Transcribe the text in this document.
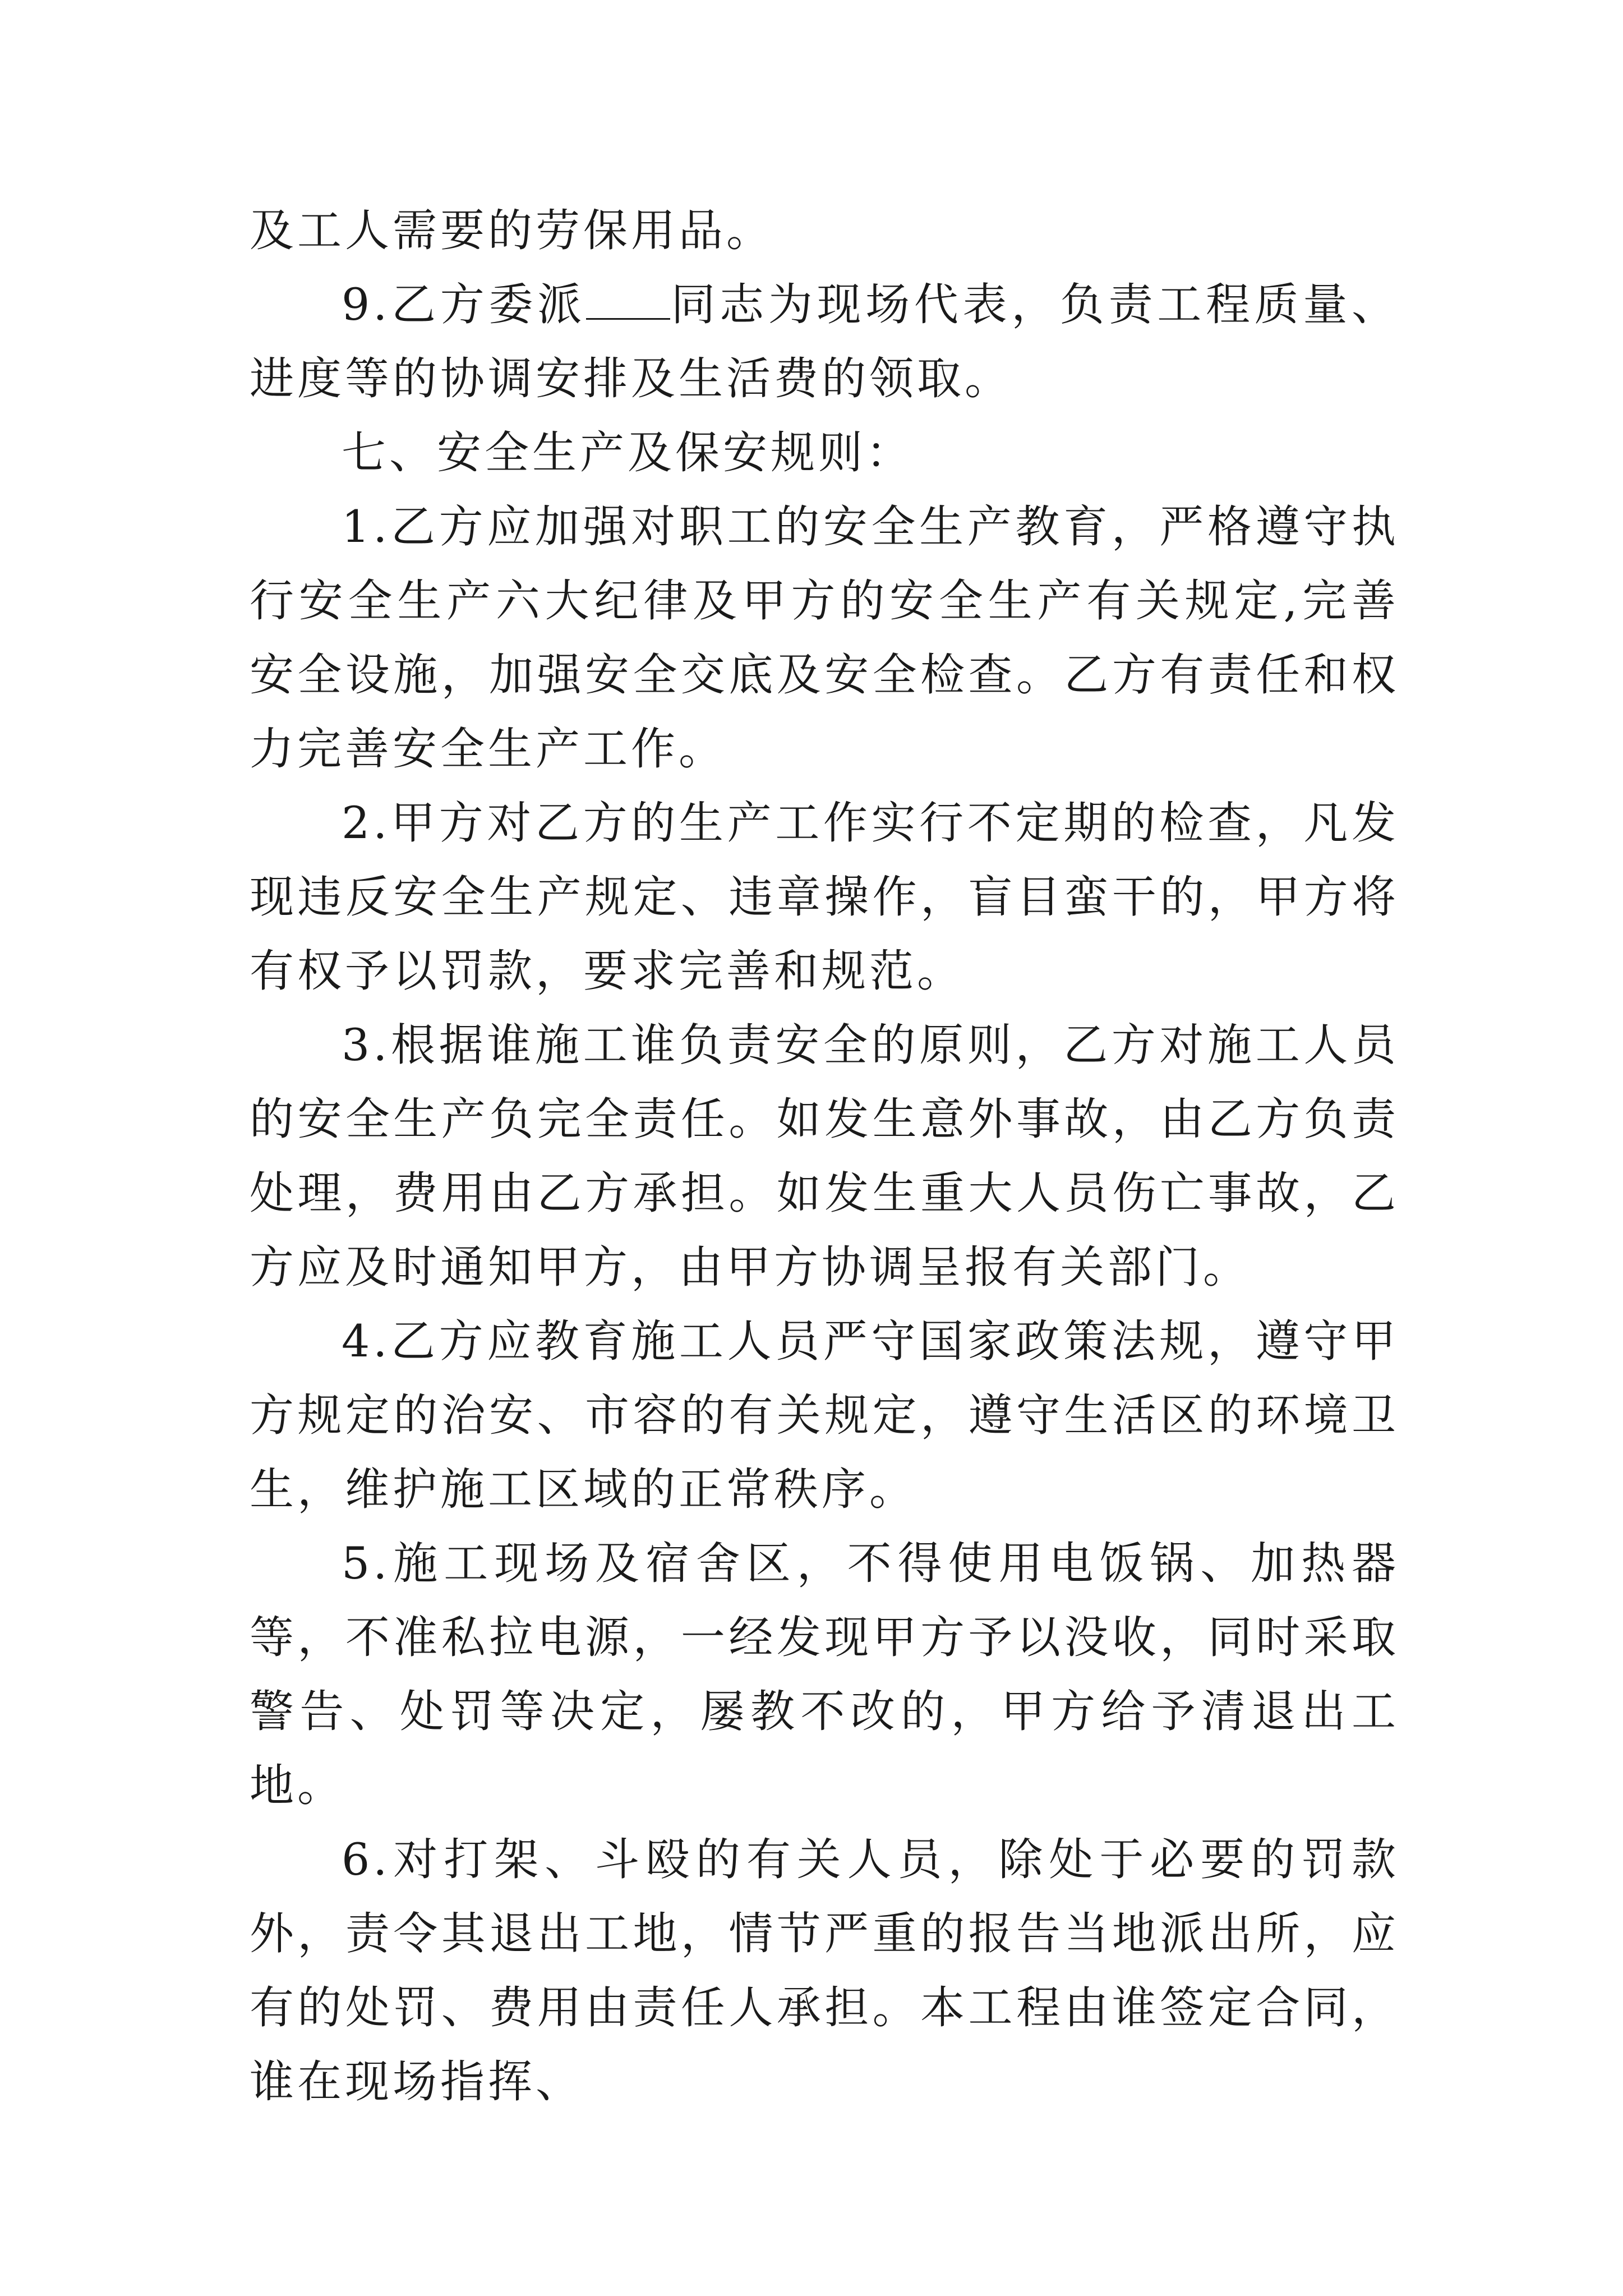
及工人需要的劳保用品。

9.乙方委派 同志为现场代表，负责工程质量、进度等的协调安排及生活费的领取。

七、安全生产及保安规则：

1.乙方应加强对职工的安全生产教育，严格遵守执行安全生产六大纪律及甲方的安全生产有关规定,完善安全设施，加强安全交底及安全检查。乙方有责任和权力完善安全生产工作。

2.甲方对乙方的生产工作实行不定期的检查，凡发现违反安全生产规定、违章操作，盲目蛮干的，甲方将有权予以罚款，要求完善和规范。

3.根据谁施工谁负责安全的原则，乙方对施工人员的安全生产负完全责任。如发生意外事故，由乙方负责处理，费用由乙方承担。如发生重大人员伤亡事故，乙方应及时通知甲方，由甲方协调呈报有关部门。

4.乙方应教育施工人员严守国家政策法规，遵守甲方规定的治安、市容的有关规定，遵守生活区的环境卫生，维护施工区域的正常秩序。

5.施工现场及宿舍区，不得使用电饭锅、加热器等，不准私拉电源，一经发现甲方予以没收，同时采取警告、处罚等决定，屡教不改的，甲方给予清退出工地。

6.对打架、斗殴的有关人员，除处于必要的罚款外，责令其退出工地，情节严重的报告当地派出所，应有的处罚、费用由责任人承担。本工程由谁签定合同，谁在现场指挥、
